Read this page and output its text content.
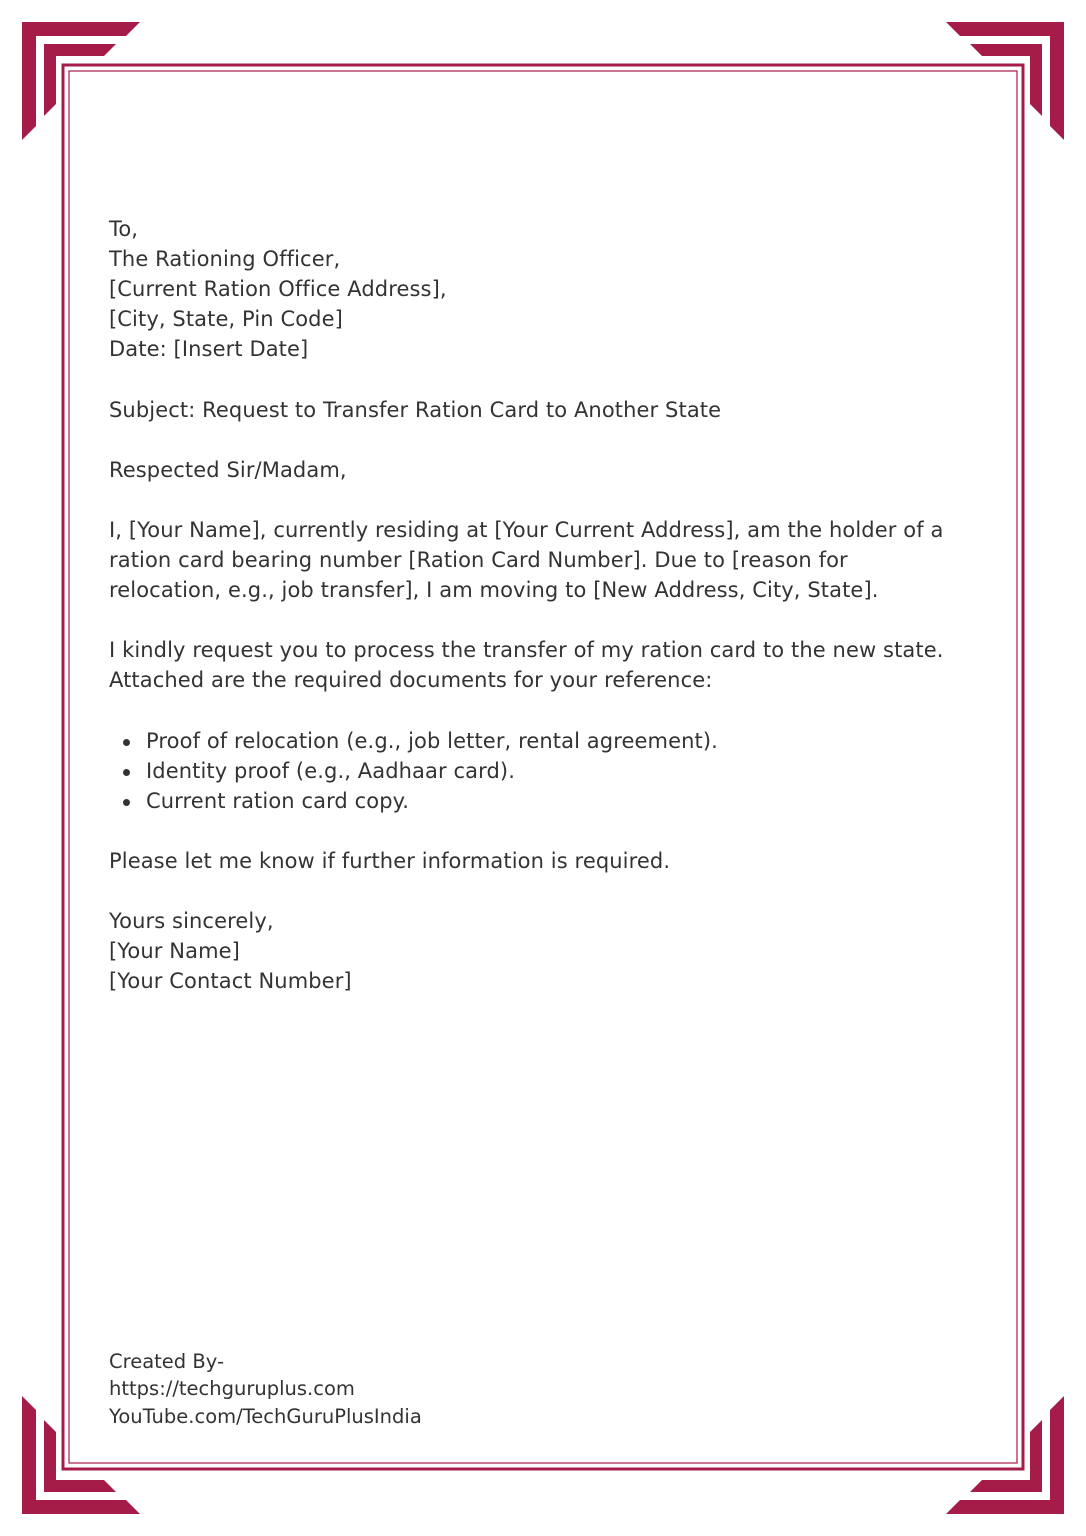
To,
The Rationing Officer,
[Current Ration Office Address],
[City, State, Pin Code]
Date: [Insert Date]
Subject: Request to Transfer Ration Card to Another State
Respected Sir/Madam,
I, [Your Name], currently residing at [Your Current Address], am the holder of a
ration card bearing number [Ration Card Number]. Due to [reason for
relocation, e.g., job transfer], I am moving to [New Address, City, State].
I kindly request you to process the transfer of my ration card to the new state.
Attached are the required documents for your reference:
Proof of relocation (e.g., job letter, rental agreement).
Identity proof (e.g., Aadhaar card).
Current ration card copy.
Please let me know if further information is required.
Yours sincerely,
[Your Name]
[Your Contact Number]
Created By-
https://techguruplus.com
YouTube.com/TechGuruPlusIndia
